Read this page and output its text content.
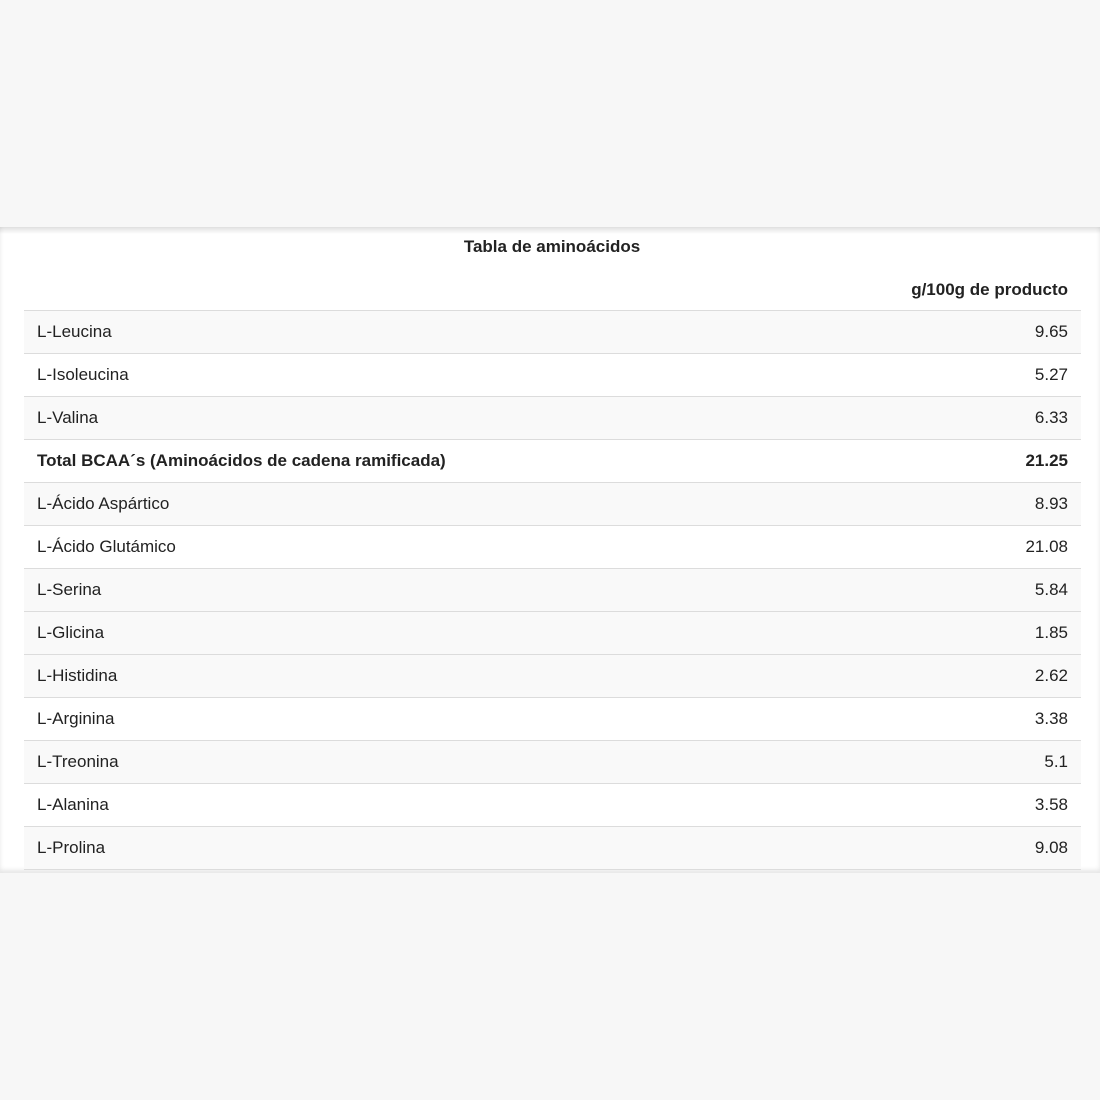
Tabla de aminoácidos
g/100g de producto
L-Leucina	9.65
L-Isoleucina	5.27
L-Valina	6.33
Total BCAA´s (Aminoácidos de cadena ramificada)	21.25
L-Ácido Aspártico	8.93
L-Ácido Glutámico	21.08
L-Serina	5.84
L-Glicina	1.85
L-Histidina	2.62
L-Arginina	3.38
L-Treonina	5.1
L-Alanina	3.58
L-Prolina	9.08
